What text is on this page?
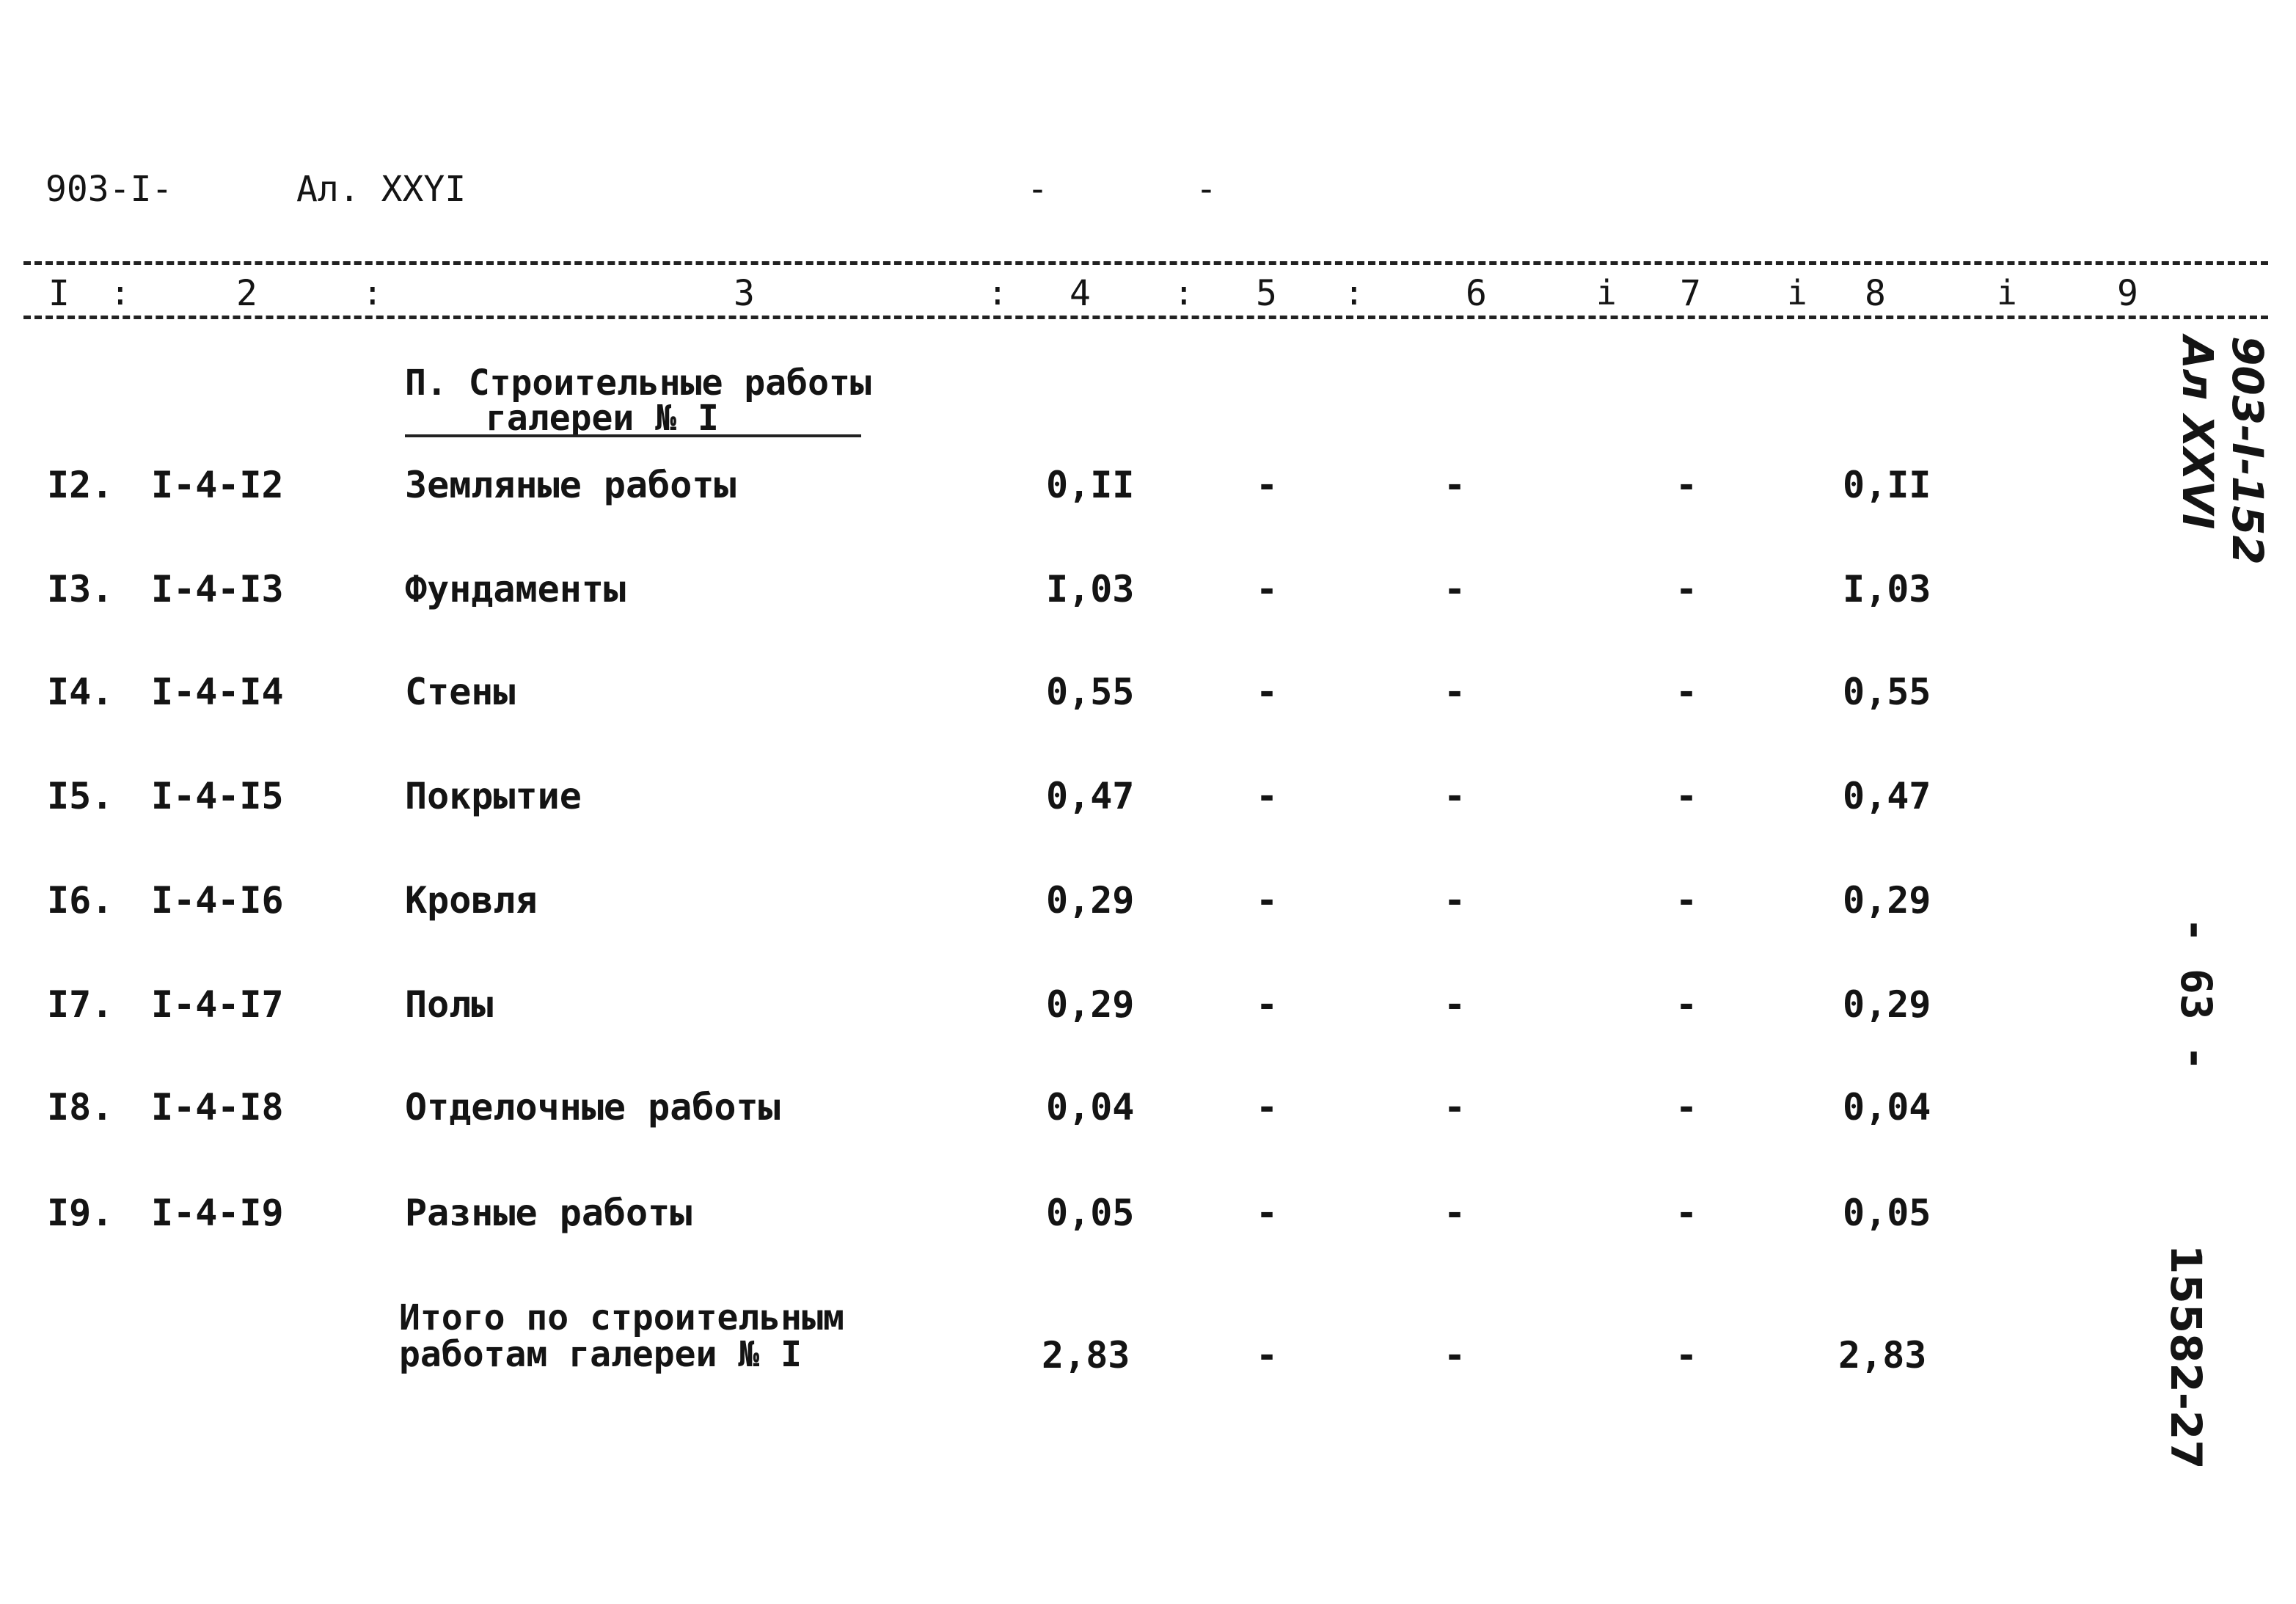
903-I-	Ал. XXYI	-	-
I	2	3	4	5	6	7	8	9
:	:	:	:	:	i	i	i
П. Строительные работы
галереи № I
I2. I-4-I2	Земляные работы	0,II	-	-	-	0,II
I3. I-4-I3	Фундаменты	I,03	-	-	-	I,03
I4. I-4-I4	Стены	0,55	-	-	-	0,55
I5. I-4-I5	Покрытие	0,47	-	-	-	0,47
I6. I-4-I6	Кровля	0,29	-	-	-	0,29
I7. I-4-I7	Полы	0,29	-	-	-	0,29
I8. I-4-I8	Отделочные работы	0,04	-	-	-	0,04
I9. I-4-I9	Разные работы	0,05	-	-	-	0,05
Итого по строительным
работам галереи № I	2,83	-	-	-	2,83
903-I-152
Ал XXVI
- 63 -
15582-27
